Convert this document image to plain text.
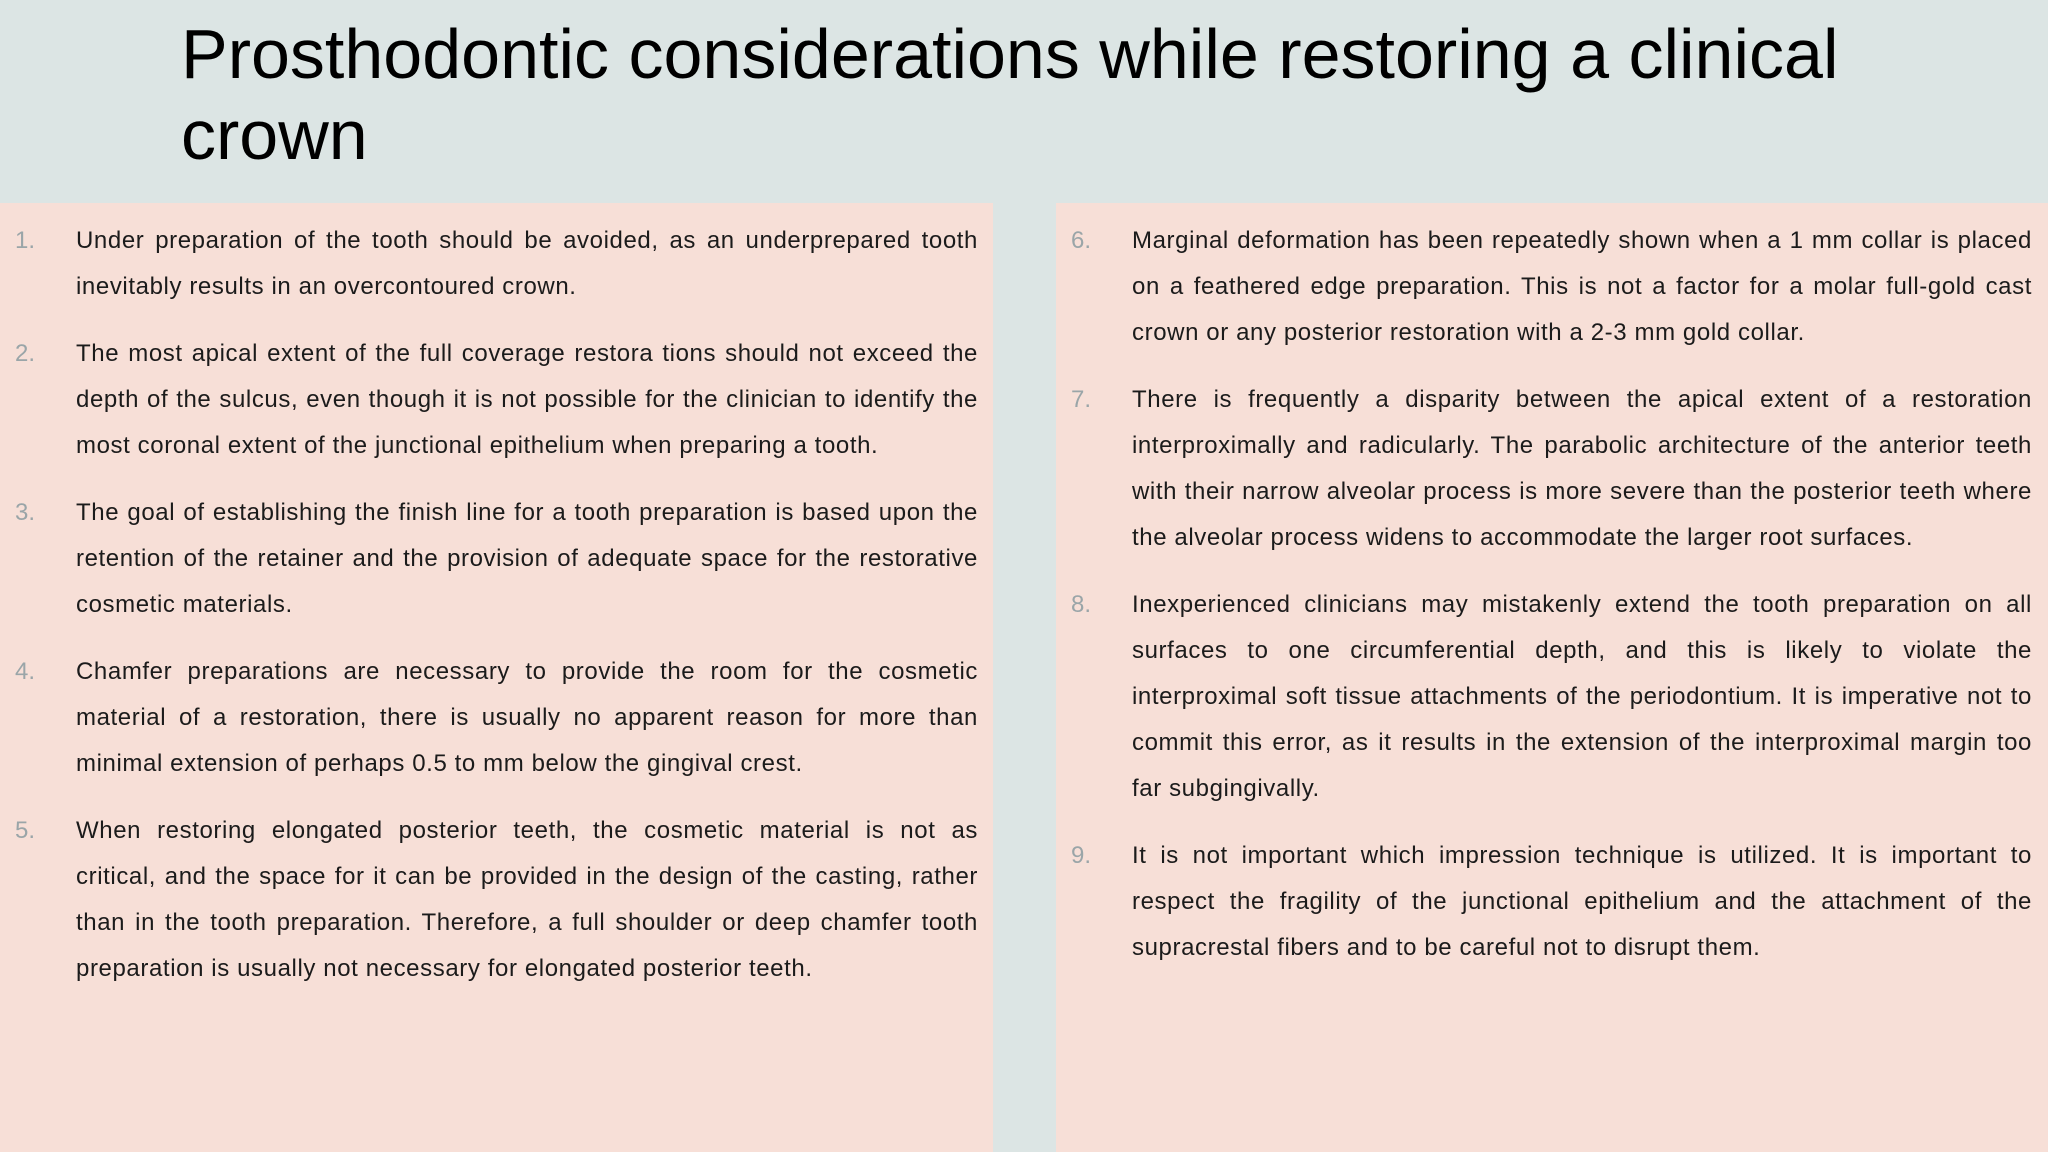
Prosthodontic considerations while restoring a clinical crown
1. Under preparation of the tooth should be avoided, as an underprepared tooth inevitably results in an overcontoured crown.
2. The most apical extent of the full coverage restora tions should not exceed the depth of the sulcus, even though it is not possible for the clinician to identify the most coronal extent of the junctional epithelium when preparing a tooth.
3. The goal of establishing the finish line for a tooth preparation is based upon the retention of the retainer and the provision of adequate space for the restorative cosmetic materials.
4. Chamfer preparations are necessary to provide the room for the cosmetic material of a restoration, there is usually no apparent reason for more than minimal extension of perhaps 0.5 to mm below the gingival crest.
5. When restoring elongated posterior teeth, the cosmetic material is not as critical, and the space for it can be provided in the design of the casting, rather than in the tooth preparation. Therefore, a full shoulder or deep chamfer tooth preparation is usually not necessary for elongated posterior teeth.
6. Marginal deformation has been repeatedly shown when a 1 mm collar is placed on a feathered edge preparation. This is not a factor for a molar full-gold cast crown or any posterior restoration with a 2-3 mm gold collar.
7. There is frequently a disparity between the apical extent of a restoration interproximally and radicularly. The parabolic architecture of the anterior teeth with their narrow alveolar process is more severe than the posterior teeth where the alveolar process widens to accommodate the larger root surfaces.
8. Inexperienced clinicians may mistakenly extend the tooth preparation on all surfaces to one circumferential depth, and this is likely to violate the interproximal soft tissue attachments of the periodontium. It is imperative not to commit this error, as it results in the extension of the interproximal margin too far subgingivally.
9. It is not important which impression technique is utilized. It is important to respect the fragility of the junctional epithelium and the attachment of the supracrestal fibers and to be careful not to disrupt them.
